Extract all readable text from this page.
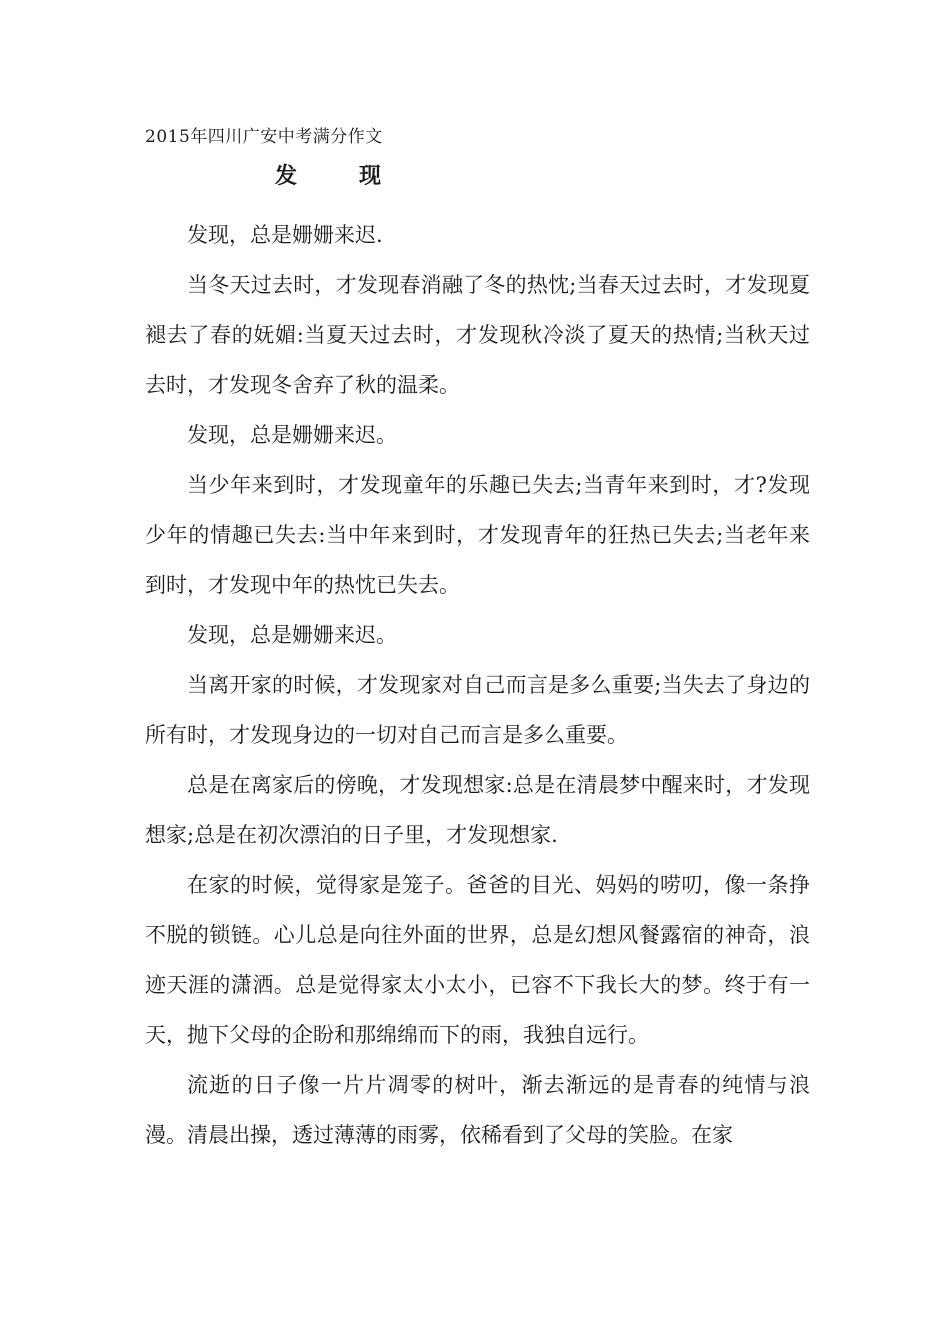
2015年四川广安中考满分作文
发　现

发现，总是姗姗来迟.

当冬天过去时，才发现春消融了冬的热忱;当春天过去时，才发现夏褪去了春的妩媚:当夏天过去时，才发现秋冷淡了夏天的热情;当秋天过去时，才发现冬舍弃了秋的温柔。

发现，总是姗姗来迟。

当少年来到时，才发现童年的乐趣已失去;当青年来到时，才?发现少年的情趣已失去:当中年来到时，才发现青年的狂热已失去;当老年来到时，才发现中年的热忱已失去。

发现，总是姗姗来迟。

当离开家的时候，才发现家对自己而言是多么重要;当失去了身边的所有时，才发现身边的一切对自己而言是多么重要。

总是在离家后的傍晚，才发现想家:总是在清晨梦中醒来时，才发现想家;总是在初次漂泊的日子里，才发现想家.

在家的时候，觉得家是笼子。爸爸的目光、妈妈的唠叨，像一条挣不脱的锁链。心儿总是向往外面的世界，总是幻想风餐露宿的神奇，浪迹天涯的潇洒。总是觉得家太小太小，已容不下我长大的梦。终于有一天，抛下父母的企盼和那绵绵而下的雨，我独自远行。

流逝的日子像一片片凋零的树叶，渐去渐远的是青春的纯情与浪漫。清晨出操，透过薄薄的雨雾，依稀看到了父母的笑脸。在家
